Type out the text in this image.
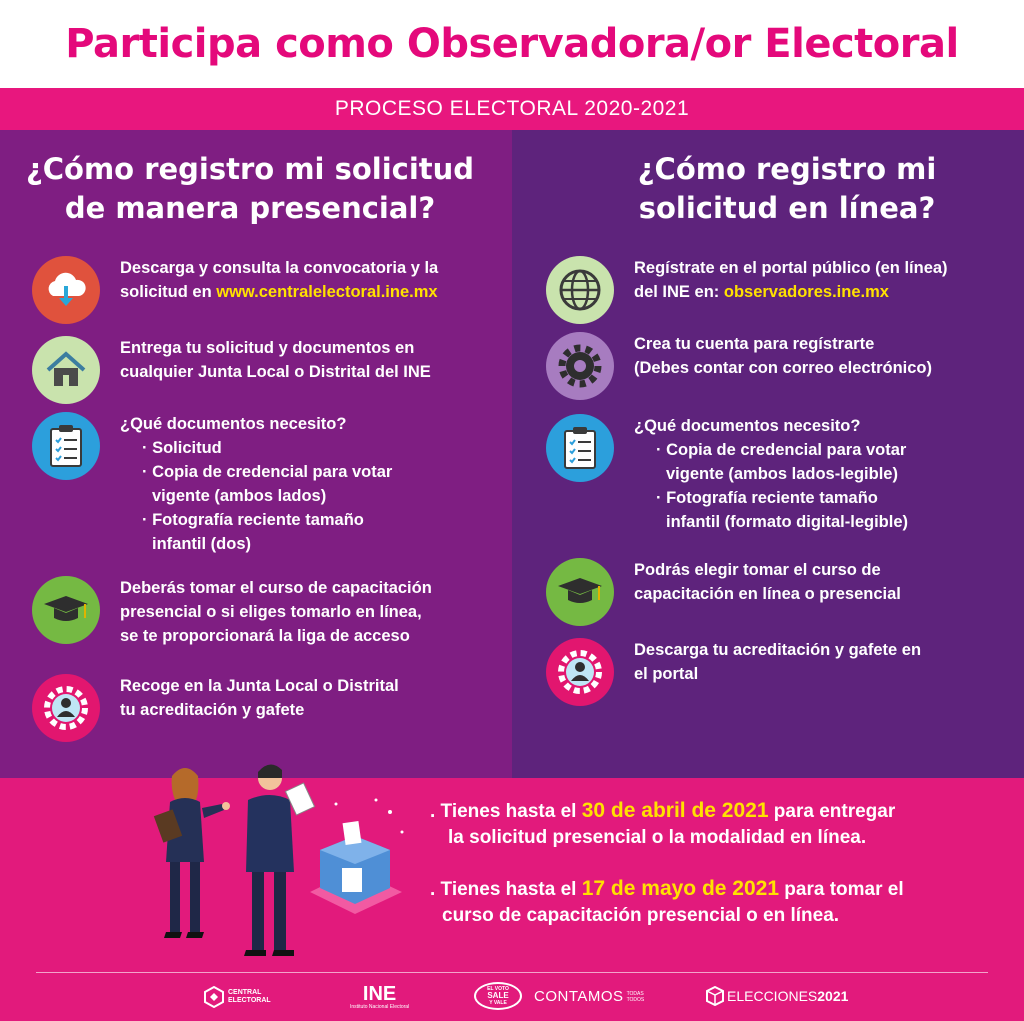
Participa como Observadora/or Electoral
PROCESO ELECTORAL 2020-2021
¿Cómo registro mi solicitud
de manera presencial?
Descarga y consulta la convocatoria y la
solicitud en www.centralelectoral.ine.mx
Entrega tu solicitud y documentos en
cualquier Junta Local o Distrital del INE
¿Qué documentos necesito?
· Solicitud
· Copia de credencial para votar
vigente (ambos lados)
· Fotografía reciente tamaño
infantil (dos)
Deberás tomar el curso de capacitación
presencial o si eliges tomarlo en línea,
se te proporcionará la liga de acceso
Recoge en la Junta Local o Distrital
tu acreditación y gafete
¿Cómo registro mi
solicitud en línea?
Regístrate en el portal público (en línea)
del INE en: observadores.ine.mx
Crea tu cuenta para regístrarte
(Debes contar con correo electrónico)
¿Qué documentos necesito?
· Copia de credencial para votar
vigente (ambos lados-legible)
· Fotografía reciente tamaño
infantil (formato digital-legible)
Podrás elegir tomar el curso de
capacitación en línea o presencial
Descarga tu acreditación y gafete en
el portal
. Tienes hasta el 30 de abril de 2021 para entregar
la solicitud presencial o la modalidad en línea.
. Tienes hasta el 17 de mayo de 2021 para tomar el
curso de capacitación presencial o en línea.
CENTRAL
ELECTORAL	INE
Instituto Nacional Electoral
EL VOTO
SALE
Y VALE CONTAMOS TODAS
TODOS	ELECCIONES 2021
